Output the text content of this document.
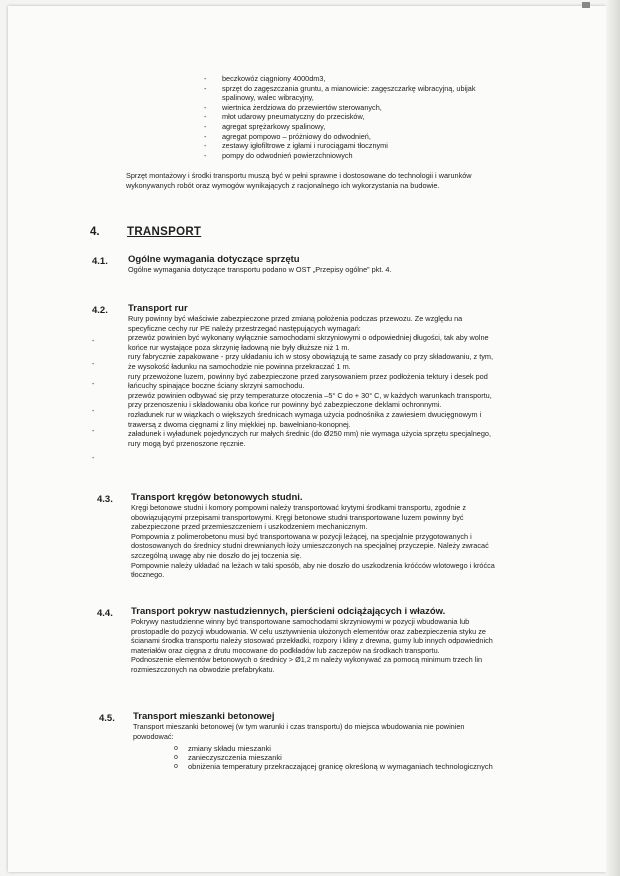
- beczkowóz ciągniony 4000dm3,
- sprzęt do zagęszczania gruntu, a mianowicie: zagęszczarkę wibracyjną, ubijak
spalinowy, walec wibracyjny,
- wiertnica żerdziowa do przewiertów sterowanych,
- młot udarowy pneumatyczny do przecisków,
- agregat sprężarkowy spalinowy,
- agregat pompowo – próżniowy do odwodnień,
- zestawy igłofiltrowe z igłami i rurociągami tłocznymi
- pompy do odwodnień powierzchniowych
Sprzęt montażowy i środki transportu muszą być w pełni sprawne i dostosowane do technologii i warunków
wykonywanych robót oraz wymogów wynikających z racjonalnego ich wykorzystania na budowie.
4. TRANSPORT
4.1. Ogólne wymagania dotyczące sprzętu
Ogólne wymagania dotyczące transportu podano w OST „Przepisy ogólne” pkt. 4.
4.2. Transport rur
Rury powinny być właściwie zabezpieczone przed zmianą położenia podczas przewozu. Ze względu na
specyficzne cechy rur PE należy przestrzegać następujących wymagań:
przewóz powinien być wykonany wyłącznie samochodami skrzyniowymi o odpowiedniej długości, tak aby wolne
końce rur wystające poza skrzynię ładowną nie były dłuższe niż 1 m.
rury fabrycznie zapakowane - przy układaniu ich w stosy obowiązują te same zasady co przy składowaniu, z tym,
że wysokość ładunku na samochodzie nie powinna przekraczać 1 m.
rury przewożone luzem, powinny być zabezpieczone przed zarysowaniem przez podłożenia tektury i desek pod
łańcuchy spinające boczne ściany skrzyni samochodu.
przewóz powinien odbywać się przy temperaturze otoczenia –5° C do + 30° C, w każdych warunkach transportu,
przy przenoszeniu i składowaniu oba końce rur powinny być zabezpieczone deklami ochronnymi.
rozładunek rur w wiązkach o większych średnicach wymaga użycia podnośnika z zawiesiem dwucięgnowym i
trawersą z dwoma cięgnami z liny miękkiej np. bawełniano-konopnej.
załadunek i wyładunek pojedynczych rur małych średnic (do Ø250 mm) nie wymaga użycia sprzętu specjalnego,
rury mogą być przenoszone ręcznie.
-
-
-
-
-
-
4.3. Transport kręgów betonowych studni.
Kręgi betonowe studni i komory pompowni należy transportować krytymi środkami transportu, zgodnie z
obowiązującymi przepisami transportowymi. Kręgi betonowe studni transportowane luzem powinny być
zabezpieczone przed przemieszczeniem i uszkodzeniem mechanicznym.
Pompownia z polimerobetonu musi być transportowana w pozycji leżącej, na specjalnie przygotowanych i
dostosowanych do średnicy studni drewnianych łoży umieszczonych na specjalnej przyczepie. Należy zwracać
szczególną uwagę aby nie doszło do jej toczenia się.
Pompownie należy układać na leżach w taki sposób, aby nie doszło do uszkodzenia króćców wlotowego i króćca
tłocznego.
4.4. Transport pokryw nastudziennych, pierścieni odciążających i włazów.
Pokrywy nastudzienne winny być transportowane samochodami skrzyniowymi w pozycji wbudowania lub
prostopadle do pozycji wbudowania. W celu usztywnienia ułożonych elementów oraz zabezpieczenia styku ze
ścianami środka transportu należy stosować przekładki, rozpory i kliny z drewna, gumy lub innych odpowiednich
materiałów oraz cięgna z drutu mocowane do podkładów lub zaczepów na środkach transportu.
Podnoszenie elementów betonowych o średnicy > Ø1,2 m należy wykonywać za pomocą minimum trzech lin
rozmieszczonych na obwodzie prefabrykatu.
4.5. Transport mieszanki betonowej
Transport mieszanki betonowej (w tym warunki i czas transportu) do miejsca wbudowania nie powinien
powodować:
o zmiany składu mieszanki
o zanieczyszczenia mieszanki
o obniżenia temperatury przekraczającej granicę określoną w wymaganiach technologicznych
